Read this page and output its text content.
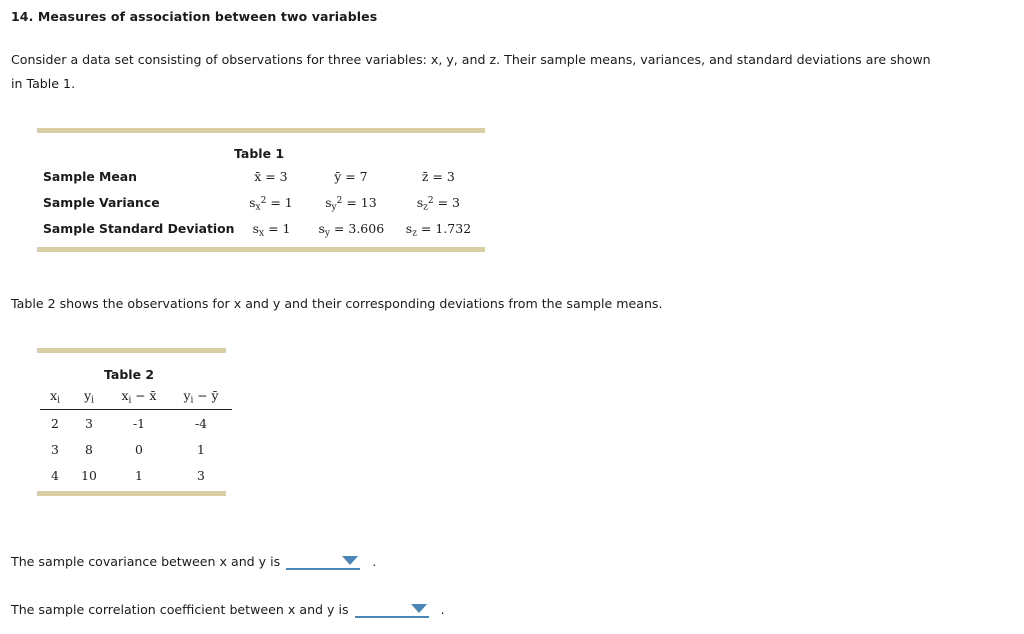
14. Measures of association between two variables
Consider a data set consisting of observations for three variables: x, y, and z. Their sample means, variances, and standard deviations are shown in Table 1.
Table 1
Sample Mean	x̄ = 3	ȳ = 7	z̄ = 3
Sample Variance	$s_x^2 = 1$	$s_y^2 = 13$	$s_z^2 = 3$
Sample Standard Deviation	$s_x = 1$	$s_y = 3.606$	$s_z = 1.732$
Table 2 shows the observations for x and y and their corresponding deviations from the sample means.
Table 2
$x_i$	$y_i$	$x_i$ − x̄	$y_i$ − ȳ
2	3	-1	-4
3	8	0	1
4	10	1	3
The sample covariance between x and y is	.
The sample correlation coefficient between x and y is	.
